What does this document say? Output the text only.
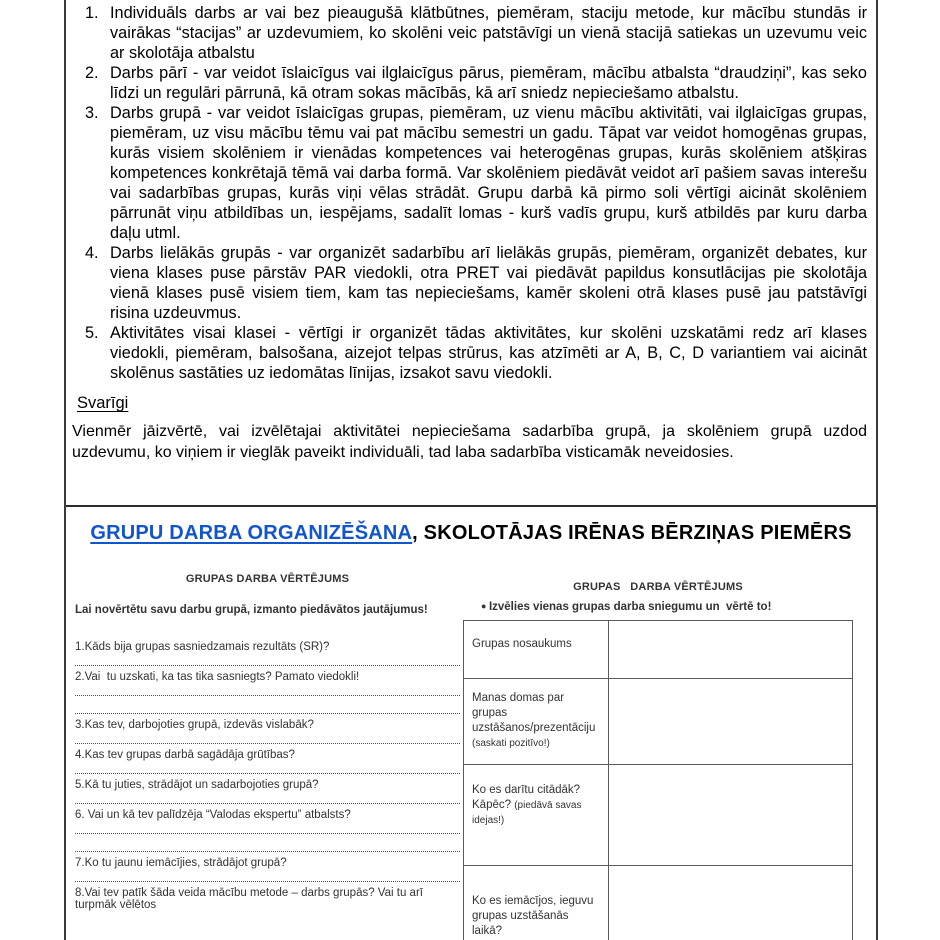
1. Individuāls darbs ar vai bez pieaugušā klātbūtnes, piemēram, staciju metode, kur mācību stundās ir vairākas “stacijas” ar uzdevumiem, ko skolēni veic patstāvīgi un vienā stacijā satiekas un uzevumu veic ar skolotāja atbalstu
2. Darbs pārī - var veidot īslaicīgus vai ilglaicīgus pārus, piemēram, mācību atbalsta “draudziņi”, kas seko līdzi un regulāri pārrunā, kā otram sokas mācībās, kā arī sniedz nepieciešamo atbalstu.
3. Darbs grupā - var veidot īslaicīgas grupas, piemēram, uz vienu mācību aktivitāti, vai ilglaicīgas grupas, piemēram, uz visu mācību tēmu vai pat mācību semestri un gadu. Tāpat var veidot homogēnas grupas, kurās visiem skolēniem ir vienādas kompetences vai heterogēnas grupas, kurās skolēniem atšķiras kompetences konkrētajā tēmā vai darba formā. Var skolēniem piedāvāt veidot arī pašiem savas interešu vai sadarbības grupas, kurās viņi vēlas strādāt. Grupu darbā kā pirmo soli vērtīgi aicināt skolēniem pārrunāt viņu atbildības un, iespējams, sadalīt lomas - kurš vadīs grupu, kurš atbildēs par kuru darba daļu utml.
4. Darbs lielākās grupās - var organizēt sadarbību arī lielākās grupās, piemēram, organizēt debates, kur viena klases puse pārstāv PAR viedokli, otra PRET vai piedāvāt papildus konsutlācijas pie skolotāja vienā klases pusē visiem tiem, kam tas nepieciešams, kamēr skoleni otrā klases pusē jau patstāvīgi risina uzdeuvmus.
5. Aktivitātes visai klasei - vērtīgi ir organizēt tādas aktivitātes, kur skolēni uzskatāmi redz arī klases viedokli, piemēram, balsošana, aizejot telpas strūrus, kas atzīmēti ar A, B, C, D variantiem vai aicināt skolēnus sastāties uz iedomātas līnijas, izsakot savu viedokli.
Svarīgi
Vienmēr jāizvērtē, vai izvēlētajai aktivitātei nepieciešama sadarbība grupā, ja skolēniem grupā uzdod uzdevumu, ko viņiem ir vieglāk paveikt individuāli, tad laba sadarbība visticamāk neveidosies.
GRUPU DARBA ORGANIZĒŠANA , SKOLOTĀJAS IRĒNAS BĒRZIŅAS PIEMĒRS
GRUPAS DARBA VĒRTĒJUMS
Lai novērtētu savu darbu grupā, izmanto piedāvātos jautājumus!
1.Kāds bija grupas sasniedzamais rezultāts (SR)?
2.Vai  tu uzskati, ka tas tika sasniegts? Pamato viedokli!
3.Kas tev, darbojoties grupā, izdevās vislabāk?
4.Kas tev grupas darbā sagādāja grūtības?
5.Kā tu juties, strādājot un sadarbojoties grupā?
6. Vai un kā tev palīdzēja “Valodas ekspertu” atbalsts?
7.Ko tu jaunu iemācījies, strādājot grupā?
8.Vai tev patīk šāda veida mācību metode – darbs grupās? Vai tu arī turpmāk vēlētos
GRUPAS   DARBA VĒRTĒJUMS
● Izvēlies vienas grupas darba sniegumu un  vērtē to!
Grupas nosaukums	
Manas domas par grupas uzstāšanos/prezentāciju (saskati pozitīvo!)	
Ko es darītu citādāk? Kāpēc? (piedāvā savas idejas!)	
Ko es iemācījos, ieguvu grupas uzstāšanās laikā?	
